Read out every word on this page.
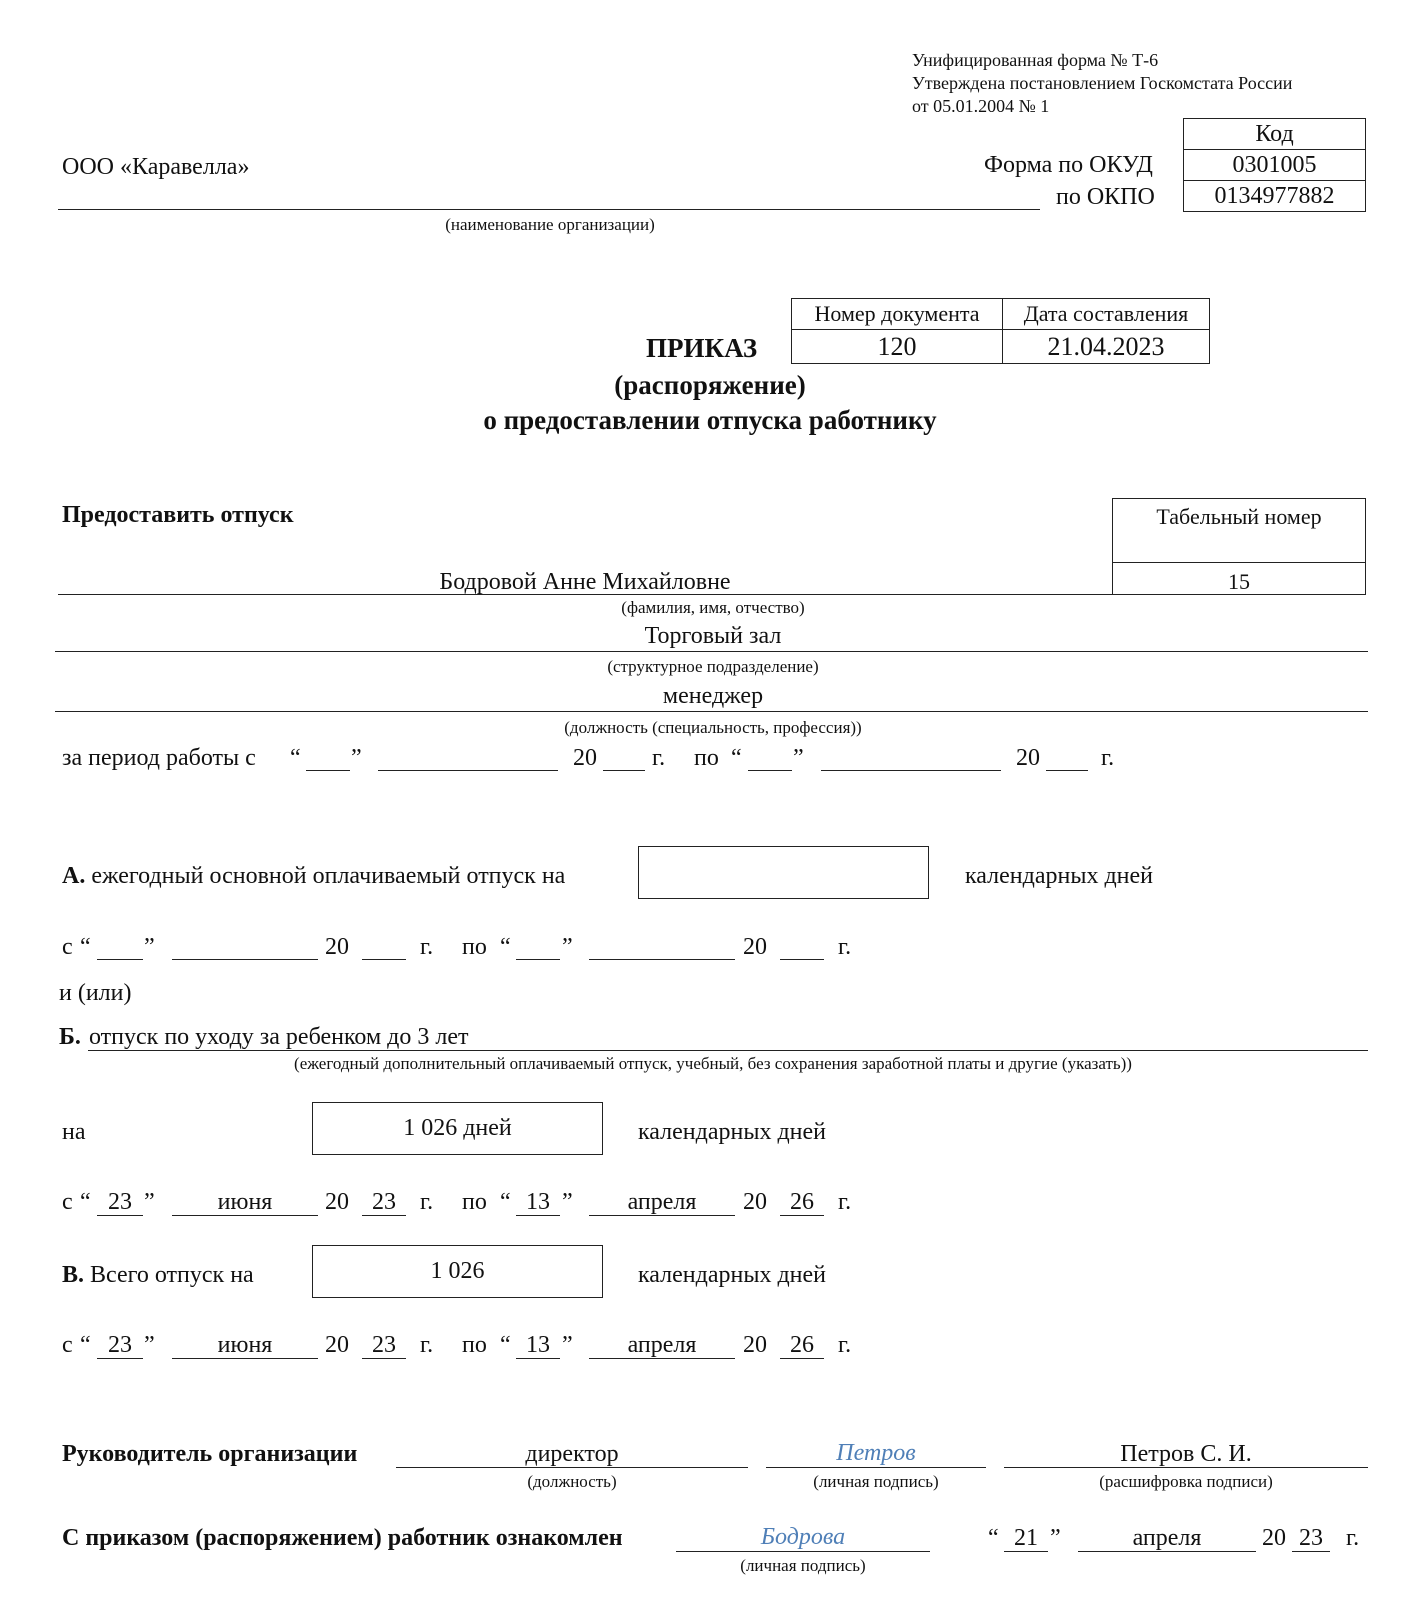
Унифицированная форма № Т-6
Утверждена постановлением Госкомстата России
от 05.01.2004 № 1
Код
0301005
0134977882
Форма по ОКУД
по ОКПО
ООО «Каравелла»
(наименование организации)
Номер документа	Дата составления
120	21.04.2023
ПРИКАЗ
(распоряжение)
о предоставлении отпуска работнику
Предоставить отпуск	Табельный номер
15
Бодровой Анне Михайловне
(фамилия, имя, отчество)
Торговый зал
(структурное подразделение)
менеджер
(должность (специальность, профессия))
за период работы с “ ”	20 г. по “ ”	20	г.
А. ежегодный основной оплачиваемый отпуск на	календарных дней
с “ ”	20	г. по “ ”	20	г.
и (или)
Б. отпуск по уходу за ребенком до 3 лет
(ежегодный дополнительный оплачиваемый отпуск, учебный, без сохранения заработной платы и другие (указать))
на	1 026 дней	календарных дней
с “ 23 ”	июня	20 23	г. по “ 13 ”	апреля	20 26	г.
В. Всего отпуск на	1 026	календарных дней
с “ 23 ”	июня	20 23	г. по “ 13 ”	апреля	20 26	г.
Руководитель организации	директор
(должность)
Петров
(личная подпись)
Петров С. И.
(расшифровка подписи)
С приказом (распоряжением) работник ознакомлен	Бодрова
(личная подпись)
“ 21 ”	апреля	20 23 г.
